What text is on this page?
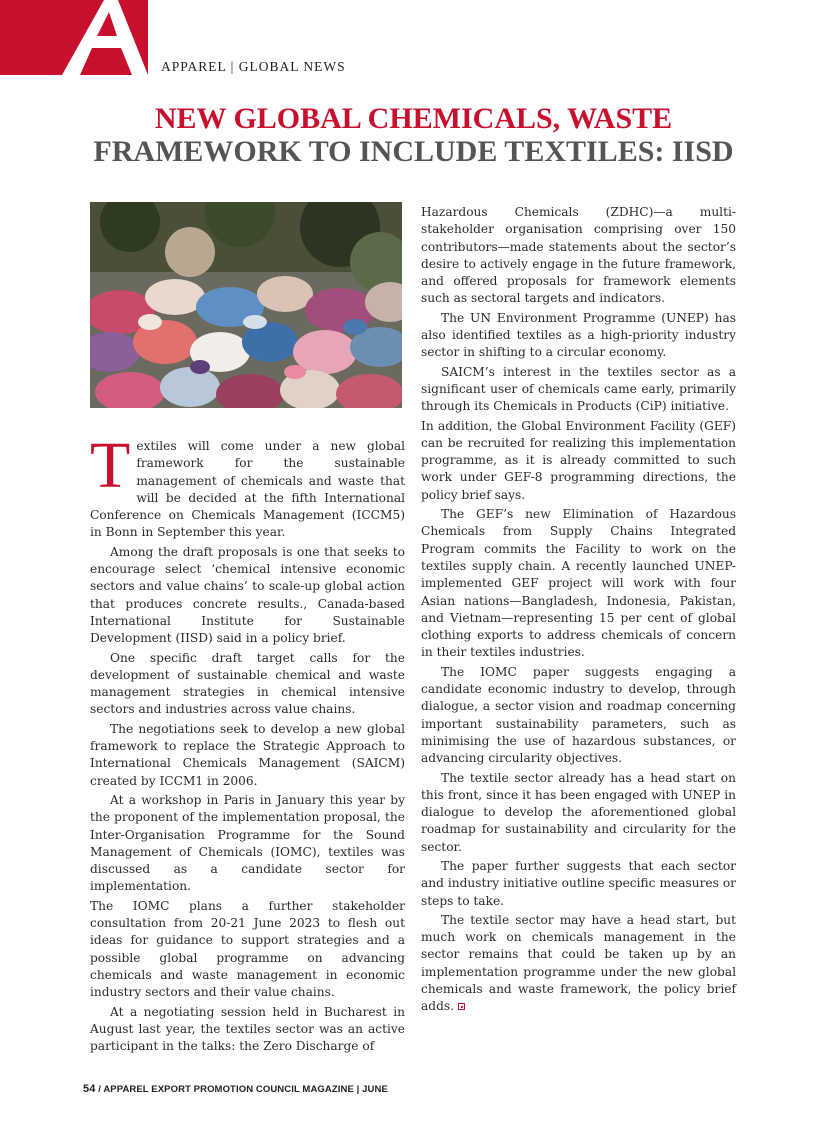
APPAREL | GLOBAL NEWS
NEW GLOBAL CHEMICALS, WASTE
FRAMEWORK TO INCLUDE TEXTILES: IISD

Textiles will come under a new global framework for the sustainable management of chemicals and waste that will be decided at the fifth International Conference on Chemicals Management (ICCM5) in Bonn in September this year.

Among the draft proposals is one that seeks to encourage select ‘chemical intensive economic sectors and value chains’ to scale-up global action that produces concrete results., Canada-based International Institute for Sustainable Development (IISD) said in a policy brief.

One specific draft target calls for the development of sustainable chemical and waste management strategies in chemical intensive sectors and industries across value chains.

The negotiations seek to develop a new global framework to replace the Strategic Approach to International Chemicals Management (SAICM) created by ICCM1 in 2006.

At a workshop in Paris in January this year by the proponent of the implementation proposal, the Inter-Organisation Programme for the Sound Management of Chemicals (IOMC), textiles was discussed as a candidate sector for implementation.

The IOMC plans a further stakeholder consultation from 20-21 June 2023 to flesh out ideas for guidance to support strategies and a possible global programme on advancing chemicals and waste management in economic industry sectors and their value chains.

At a negotiating session held in Bucharest in August last year, the textiles sector was an active participant in the talks: the Zero Discharge of

Hazardous Chemicals (ZDHC)—a multi-stakeholder organisation comprising over 150 contributors—made statements about the sector’s desire to actively engage in the future framework, and offered proposals for framework elements such as sectoral targets and indicators.

The UN Environment Programme (UNEP) has also identified textiles as a high-priority industry sector in shifting to a circular economy.

SAICM’s interest in the textiles sector as a significant user of chemicals came early, primarily through its Chemicals in Products (CiP) initiative.

In addition, the Global Environment Facility (GEF) can be recruited for realizing this implementation programme, as it is already committed to such work under GEF-8 programming directions, the policy brief says.

The GEF’s new Elimination of Hazardous Chemicals from Supply Chains Integrated Program commits the Facility to work on the textiles supply chain. A recently launched UNEP-implemented GEF project will work with four Asian nations—Bangladesh, Indonesia, Pakistan, and Vietnam—representing 15 per cent of global clothing exports to address chemicals of concern in their textiles industries.

The IOMC paper suggests engaging a candidate economic industry to develop, through dialogue, a sector vision and roadmap concerning important sustainability parameters, such as minimising the use of hazardous substances, or advancing circularity objectives.

The textile sector already has a head start on this front, since it has been engaged with UNEP in dialogue to develop the aforementioned global roadmap for sustainability and circularity for the sector.

The paper further suggests that each sector and industry initiative outline specific measures or steps to take.

The textile sector may have a head start, but much work on chemicals management in the sector remains that could be taken up by an implementation programme under the new global chemicals and waste framework, the policy brief adds.

54 / APPAREL EXPORT PROMOTION COUNCIL MAGAZINE | JUNE
